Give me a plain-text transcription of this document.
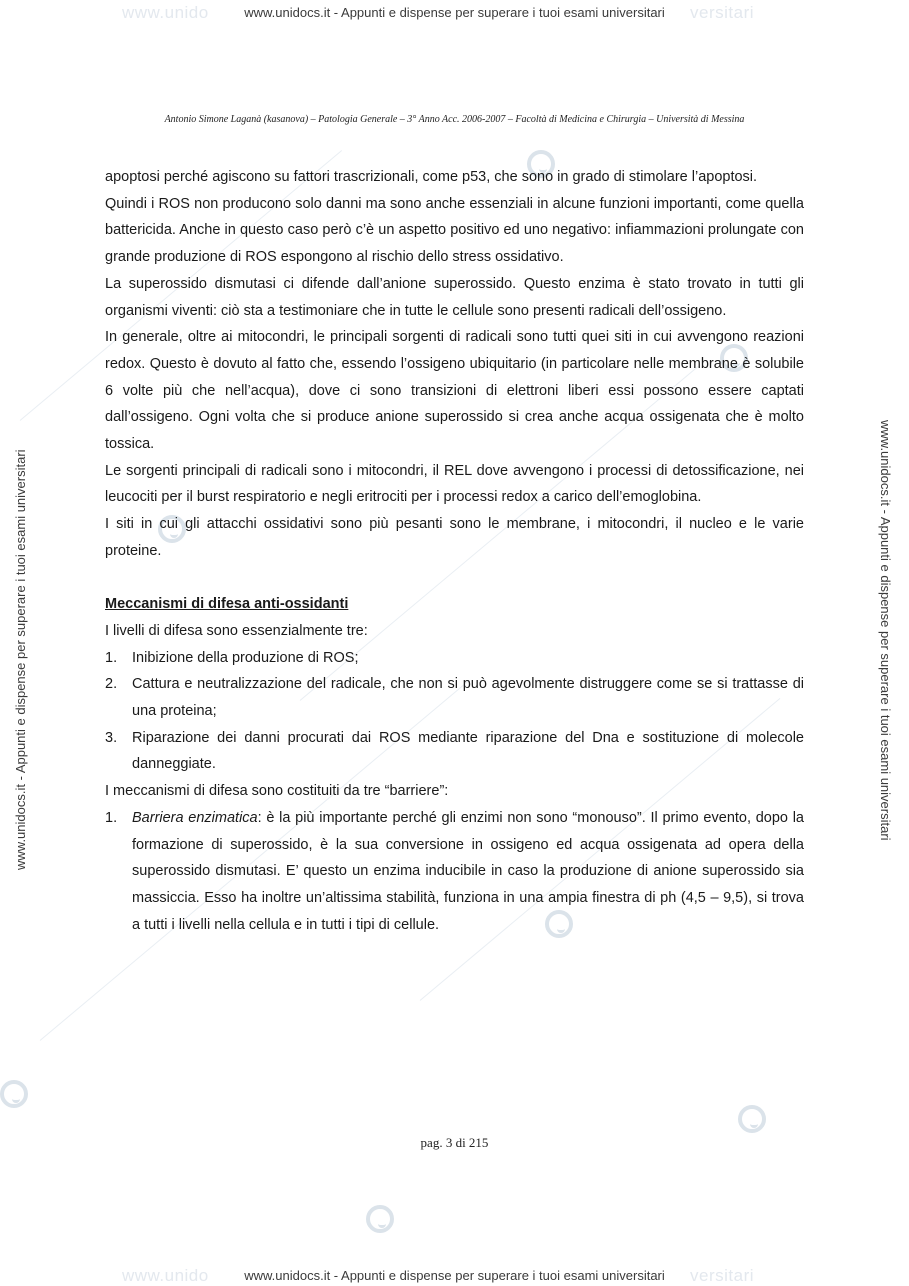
www.unido	versitari
www.unido	versitari
www.unidocs.it - Appunti e dispense per superare i tuoi esami universitari
www.unidocs.it - Appunti e dispense per superare i tuoi esami universitari	www.unidocs.it - Appunti e dispense per superare i tuoi esami universitari
Antonio Simone Laganà (kasanova) – Patologia Generale – 3° Anno Acc. 2006-2007 – Facoltà di Medicina e Chirurgia – Università di Messina

apoptosi perché agiscono su fattori trascrizionali, come p53, che sono in grado di stimolare l’apoptosi.

Quindi i ROS non producono solo danni ma sono anche essenziali in alcune funzioni importanti, come quella battericida. Anche in questo caso però c’è un aspetto positivo ed uno negativo: infiammazioni prolungate con grande produzione di ROS espongono al rischio dello stress ossidativo.

La superossido dismutasi ci difende dall’anione superossido. Questo enzima è stato trovato in tutti gli organismi viventi: ciò sta a testimoniare che in tutte le cellule sono presenti radicali dell’ossigeno.

In generale, oltre ai mitocondri, le principali sorgenti di radicali sono tutti quei siti in cui avvengono reazioni redox. Questo è dovuto al fatto che, essendo l’ossigeno ubiquitario (in particolare nelle membrane è solubile 6 volte più che nell’acqua), dove ci sono transizioni di elettroni liberi essi possono essere captati dall’ossigeno. Ogni volta che si produce anione superossido si crea anche acqua ossigenata che è molto tossica.

Le sorgenti principali di radicali sono i mitocondri, il REL dove avvengono i processi di detossificazione, nei leucociti per il burst respiratorio e negli eritrociti per i processi redox a carico dell’emoglobina.

I siti in cui gli attacchi ossidativi sono più pesanti sono le membrane, i mitocondri, il nucleo e le varie proteine.

Meccanismi di difesa anti-ossidanti

I livelli di difesa sono essenzialmente tre:

1. Inibizione della produzione di ROS;
2. Cattura e neutralizzazione del radicale, che non si può agevolmente distruggere come se si trattasse di una proteina;
3. Riparazione dei danni procurati dai ROS mediante riparazione del Dna e sostituzione di molecole danneggiate.

I meccanismi di difesa sono costituiti da tre “barriere”:

1. Barriera enzimatica: è la più importante perché gli enzimi non sono “monouso”. Il primo evento, dopo la formazione di superossido, è la sua conversione in ossigeno ed acqua ossigenata ad opera della superossido dismutasi. E’ questo un enzima inducibile in caso la produzione di anione superossido sia massiccia. Esso ha inoltre un’altissima stabilità, funziona in una ampia finestra di ph (4,5 – 9,5), si trova a tutti i livelli nella cellula e in tutti i tipi di cellule.
pag. 3 di 215
www.unidocs.it - Appunti e dispense per superare i tuoi esami universitari
